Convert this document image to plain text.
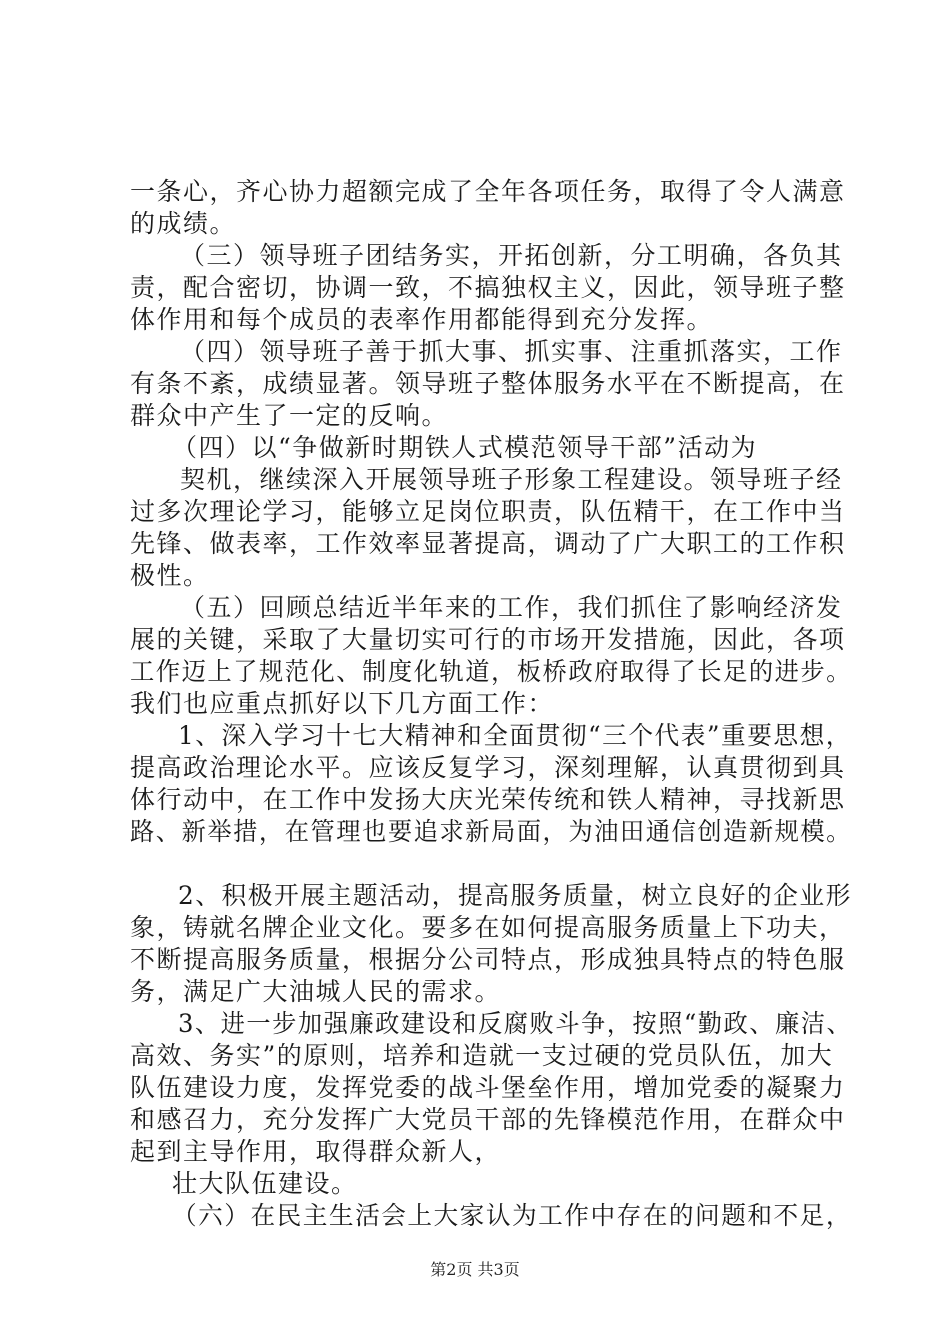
一条心，齐心协力超额完成了全年各项任务，取得了令人满意
的成绩。
（三）领导班子团结务实，开拓创新，分工明确，各负其
责，配合密切，协调一致，不搞独权主义，因此，领导班子整
体作用和每个成员的表率作用都能得到充分发挥。
（四）领导班子善于抓大事、抓实事、注重抓落实，工作
有条不紊，成绩显著。领导班子整体服务水平在不断提高，在
群众中产生了一定的反响。
（四）以“争做新时期铁人式模范领导干部”活动为
契机，继续深入开展领导班子形象工程建设。领导班子经
过多次理论学习，能够立足岗位职责，队伍精干，在工作中当
先锋、做表率，工作效率显著提高，调动了广大职工的工作积
极性。
（五）回顾总结近半年来的工作，我们抓住了影响经济发
展的关键，采取了大量切实可行的市场开发措施，因此，各项
工作迈上了规范化、制度化轨道，板桥政府取得了长足的进步。
我们也应重点抓好以下几方面工作：
1、深入学习十七大精神和全面贯彻“三个代表”重要思想，
提高政治理论水平。应该反复学习，深刻理解，认真贯彻到具
体行动中，在工作中发扬大庆光荣传统和铁人精神，寻找新思
路、新举措，在管理也要追求新局面，为油田通信创造新规模。
2、积极开展主题活动，提高服务质量，树立良好的企业形
象，铸就名牌企业文化。要多在如何提高服务质量上下功夫，
不断提高服务质量，根据分公司特点，形成独具特点的特色服
务，满足广大油城人民的需求。
3、进一步加强廉政建设和反腐败斗争，按照“勤政、廉洁、
高效、务实”的原则，培养和造就一支过硬的党员队伍，加大
队伍建设力度，发挥党委的战斗堡垒作用，增加党委的凝聚力
和感召力，充分发挥广大党员干部的先锋模范作用，在群众中
起到主导作用，取得群众新人，
壮大队伍建设。
（六）在民主生活会上大家认为工作中存在的问题和不足，
第2页 共3页
